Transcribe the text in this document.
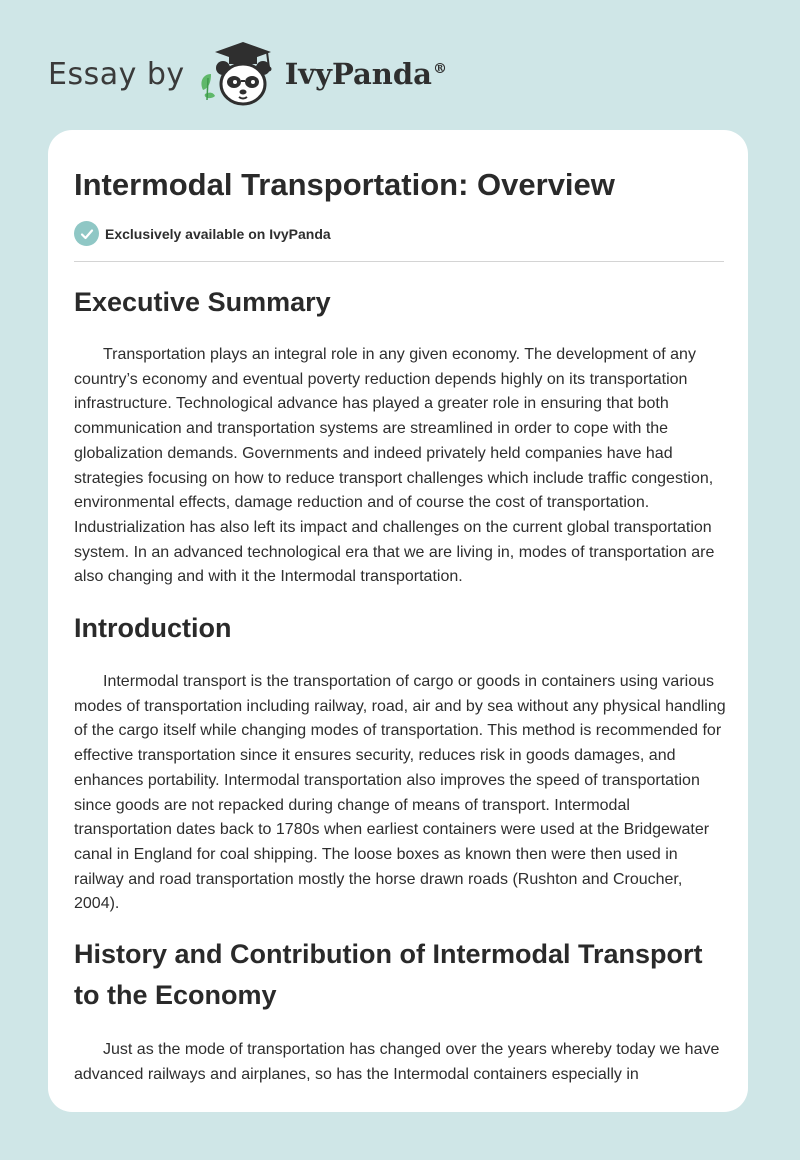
Essay by	IvyPanda®
Intermodal Transportation: Overview
Exclusively available on IvyPanda
Executive Summary

Transportation plays an integral role in any given economy. The development of any country’s economy and eventual poverty reduction depends highly on its transportation infrastructure. Technological advance has played a greater role in ensuring that both communication and transportation systems are streamlined in order to cope with the globalization demands. Governments and indeed privately held companies have had strategies focusing on how to reduce transport challenges which include traffic congestion, environmental effects, damage reduction and of course the cost of transportation. Industrialization has also left its impact and challenges on the current global transportation system. In an advanced technological era that we are living in, modes of transportation are also changing and with it the Intermodal transportation.

Introduction

Intermodal transport is the transportation of cargo or goods in containers using various modes of transportation including railway, road, air and by sea without any physical handling of the cargo itself while changing modes of transportation. This method is recommended for effective transportation since it ensures security, reduces risk in goods damages, and enhances portability. Intermodal transportation also improves the speed of transportation since goods are not repacked during change of means of transport. Intermodal transportation dates back to 1780s when earliest containers were used at the Bridgewater canal in England for coal shipping. The loose boxes as known then were then used in railway and road transportation mostly the horse drawn roads (Rushton and Croucher, 2004).

History and Contribution of Intermodal Transport to the Economy

Just as the mode of transportation has changed over the years whereby today we have advanced railways and airplanes, so has the Intermodal containers especially in
